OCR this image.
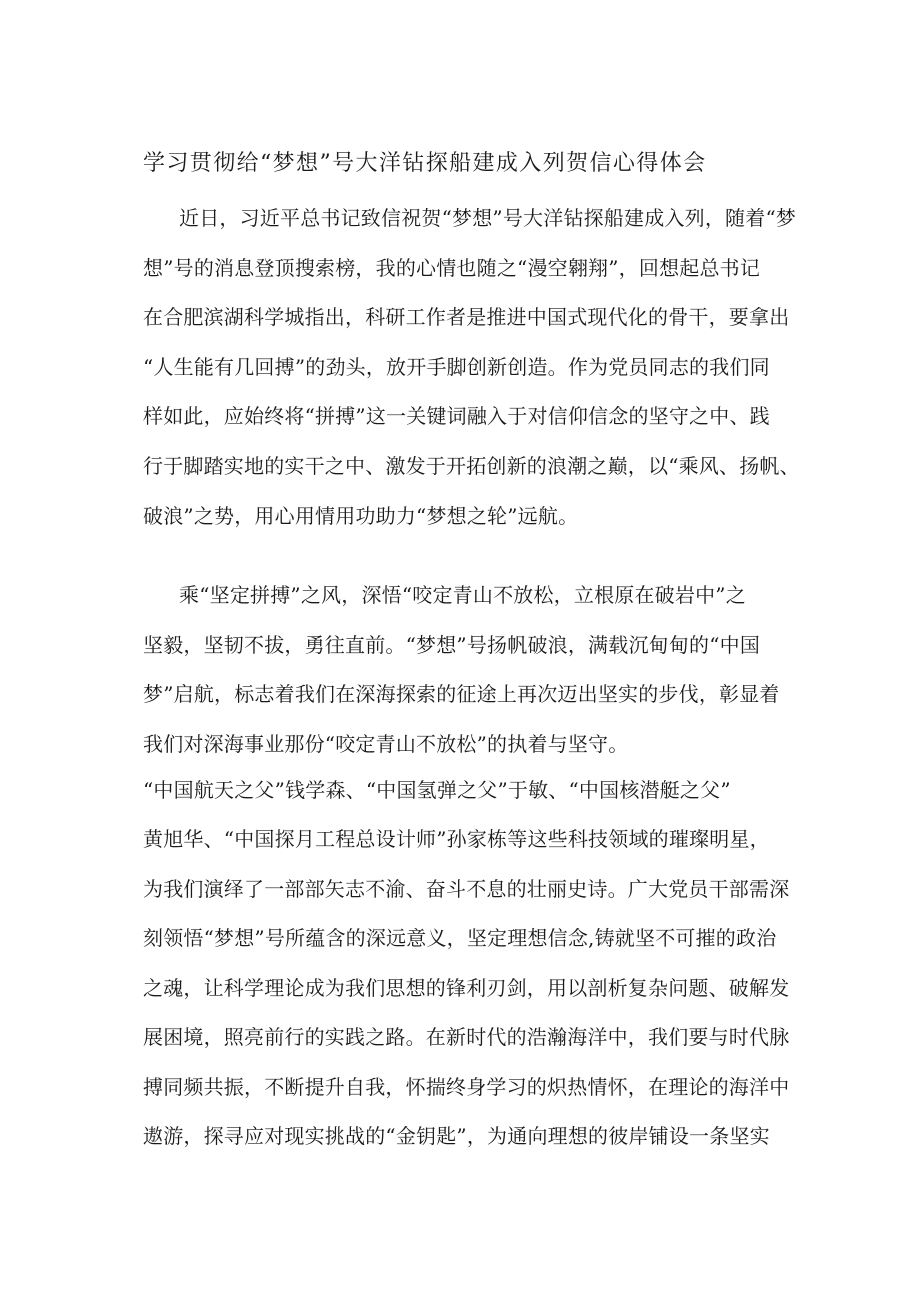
学习贯彻给“梦想”号大洋钻探船建成入列贺信心得体会

近日，习近平总书记致信祝贺“梦想”号大洋钻探船建成入列，随着“梦

想”号的消息登顶搜索榜，我的心情也随之“漫空翱翔”，回想起总书记

在合肥滨湖科学城指出，科研工作者是推进中国式现代化的骨干，要拿出

“人生能有几回搏”的劲头，放开手脚创新创造。作为党员同志的我们同

样如此，应始终将“拼搏”这一关键词融入于对信仰信念的坚守之中、践

行于脚踏实地的实干之中、激发于开拓创新的浪潮之巅，以“乘风、扬帆、

破浪”之势，用心用情用功助力“梦想之轮”远航。

乘“坚定拼搏”之风，深悟“咬定青山不放松，立根原在破岩中”之

坚毅，坚韧不拔，勇往直前。“梦想”号扬帆破浪，满载沉甸甸的“中国

梦”启航，标志着我们在深海探索的征途上再次迈出坚实的步伐，彰显着

我们对深海事业那份“咬定青山不放松”的执着与坚守。

“中国航天之父”钱学森、“中国氢弹之父”于敏、“中国核潜艇之父”

黄旭华、“中国探月工程总设计师”孙家栋等这些科技领域的璀璨明星，

为我们演绎了一部部矢志不渝、奋斗不息的壮丽史诗。广大党员干部需深

刻领悟“梦想”号所蕴含的深远意义，坚定理想信念,铸就坚不可摧的政治

之魂，让科学理论成为我们思想的锋利刃剑，用以剖析复杂问题、破解发

展困境，照亮前行的实践之路。在新时代的浩瀚海洋中，我们要与时代脉

搏同频共振，不断提升自我，怀揣终身学习的炽热情怀，在理论的海洋中

遨游，探寻应对现实挑战的“金钥匙”，为通向理想的彼岸铺设一条坚实
